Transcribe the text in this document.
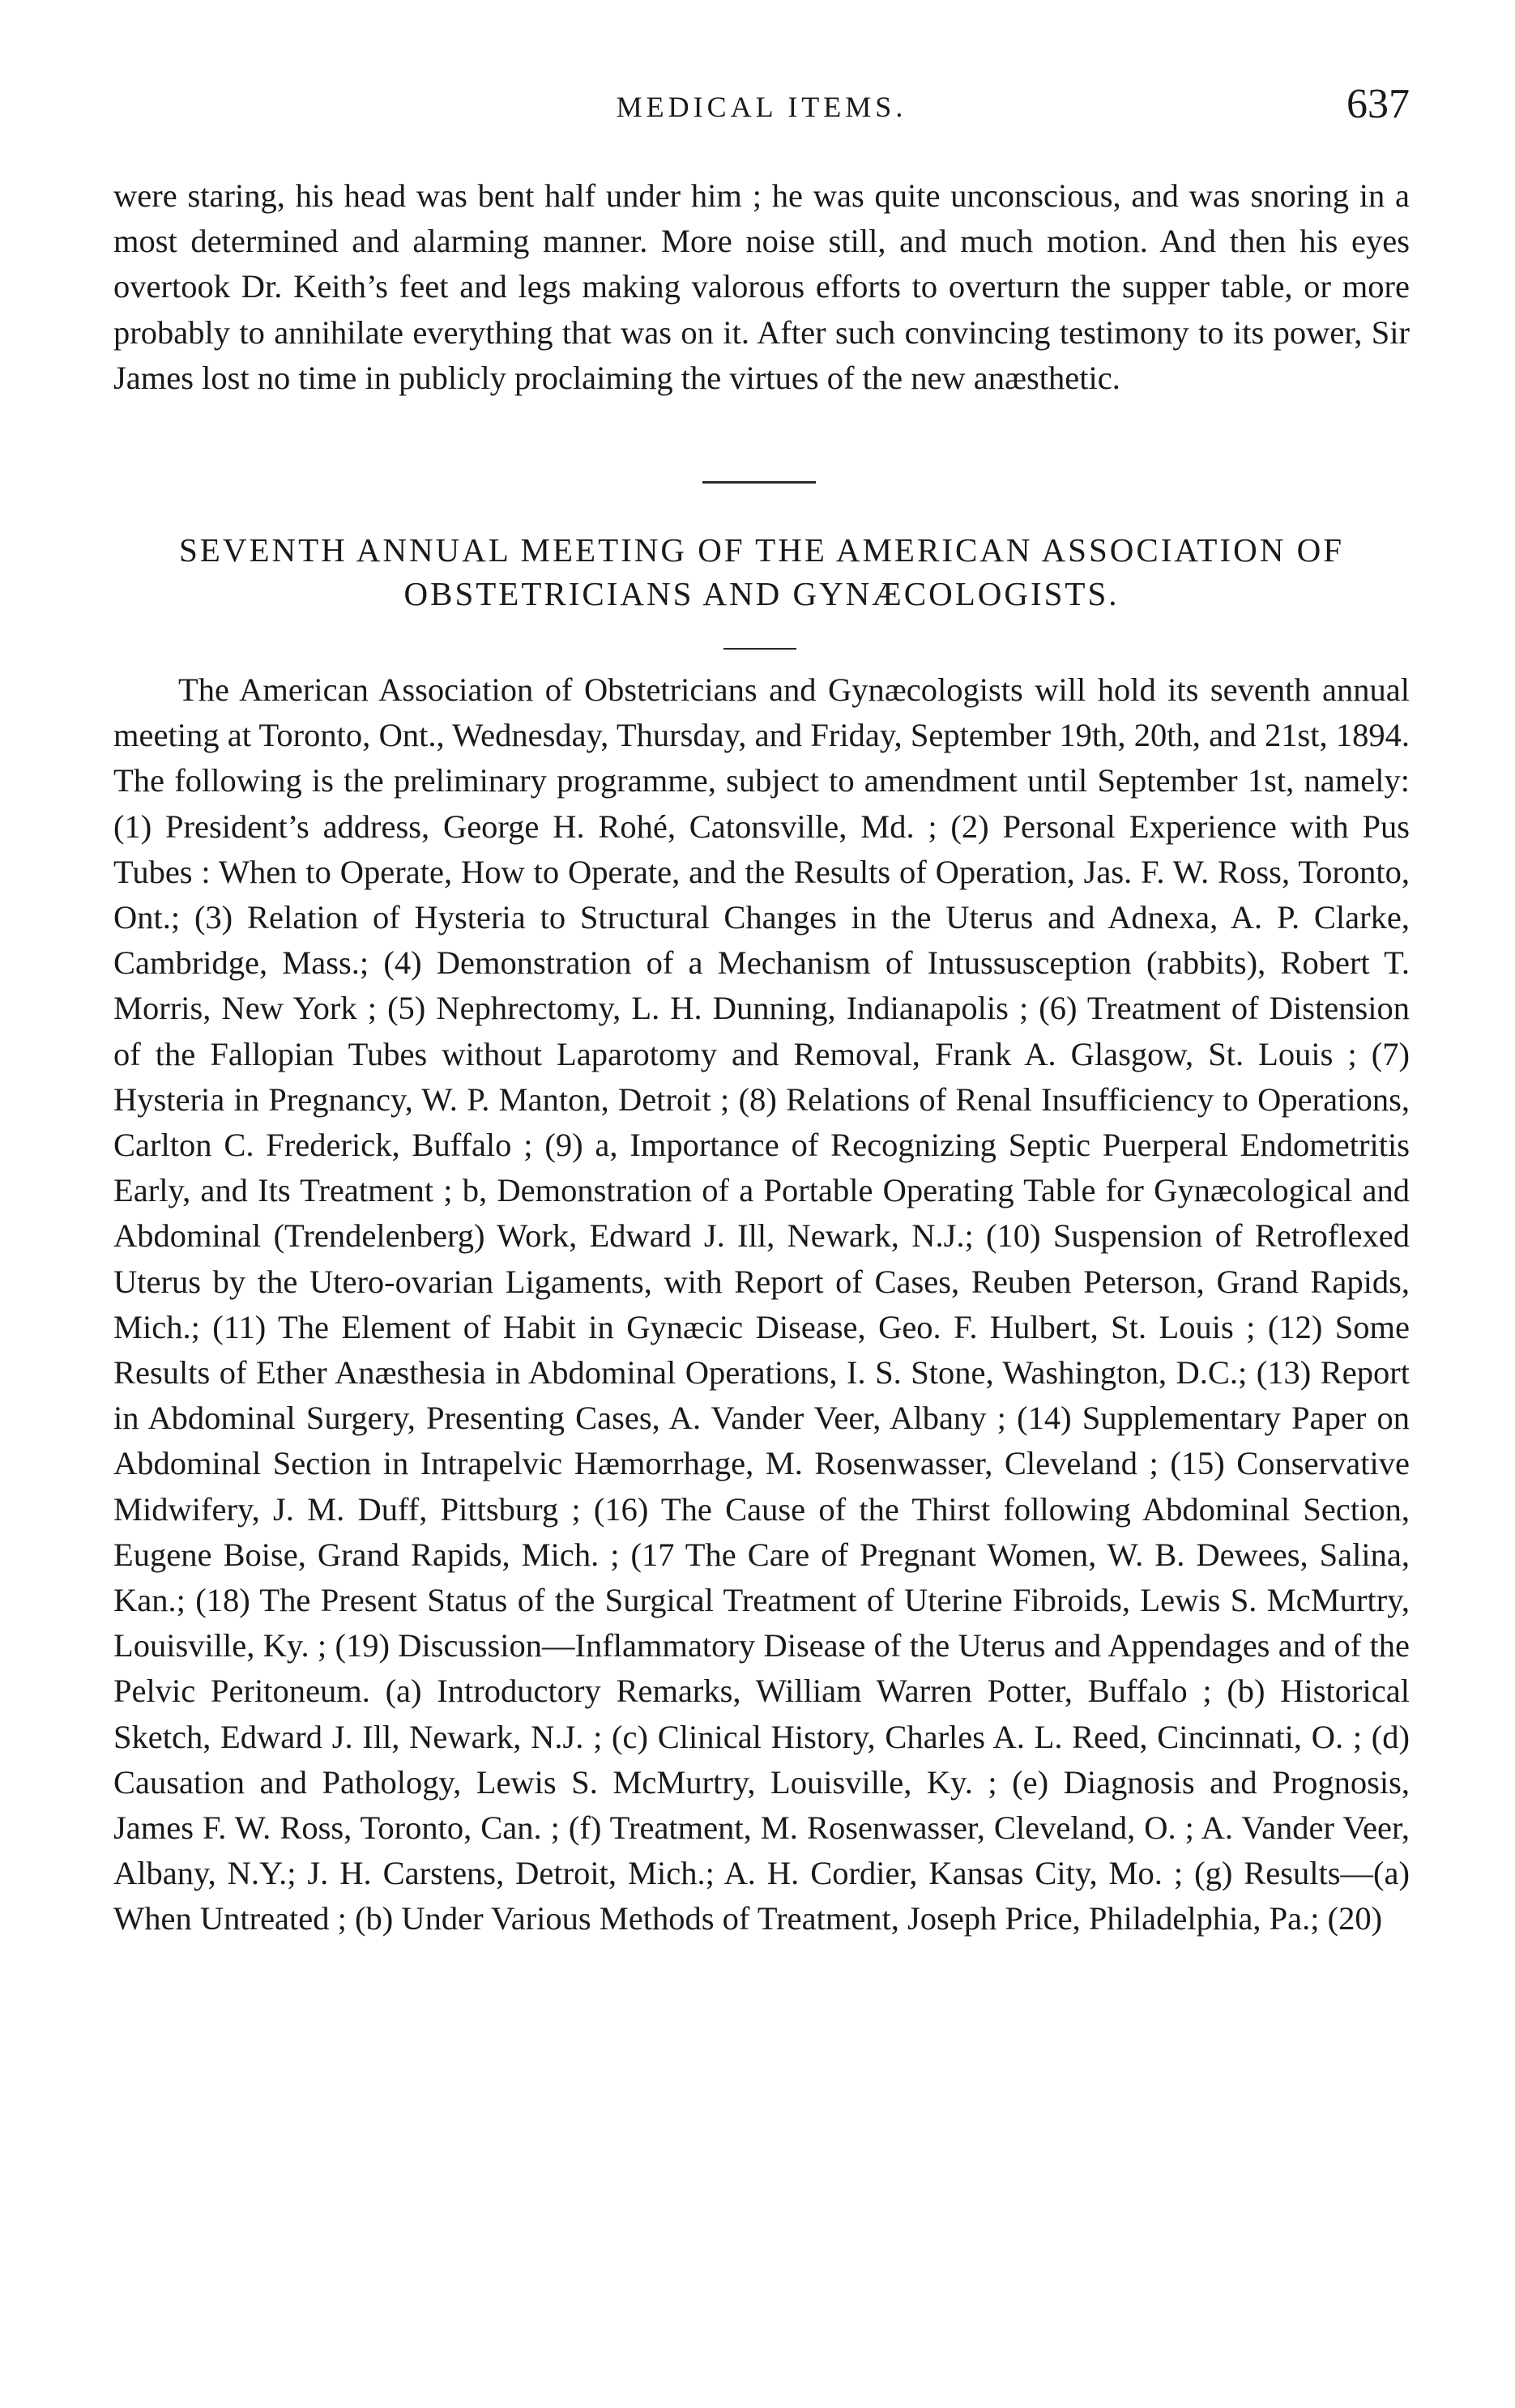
MEDICAL ITEMS.	637

were staring, his head was bent half under him ; he was quite unconscious, and was snoring in a most determined and alarming manner. More noise still, and much motion. And then his eyes overtook Dr. Keith’s feet and legs making valorous efforts to overturn the supper table, or more probably to annihilate everything that was on it. After such convincing testimony to its power, Sir James lost no time in publicly proclaiming the virtues of the new anæsthetic.

SEVENTH ANNUAL MEETING OF THE AMERICAN ASSOCIATION OF OBSTETRICIANS AND GYNÆCOLOGISTS.

The American Association of Obstetricians and Gynæcologists will hold its seventh annual meeting at Toronto, Ont., Wednesday, Thursday, and Friday, September 19th, 20th, and 21st, 1894. The following is the preliminary programme, subject to amendment until September 1st, namely: (1) President’s address, George H. Rohé, Catonsville, Md. ; (2) Personal Experience with Pus Tubes : When to Operate, How to Operate, and the Results of Operation, Jas. F. W. Ross, Toronto, Ont.; (3) Relation of Hysteria to Structural Changes in the Uterus and Adnexa, A. P. Clarke, Cambridge, Mass.; (4) Demonstration of a Mechanism of Intussusception (rabbits), Robert T. Morris, New York ; (5) Nephrectomy, L. H. Dunning, Indianapolis ; (6) Treatment of Distension of the Fallopian Tubes without Laparotomy and Removal, Frank A. Glasgow, St. Louis ; (7) Hysteria in Pregnancy, W. P. Manton, Detroit ; (8) Relations of Renal Insufficiency to Operations, Carlton C. Frederick, Buffalo ; (9) a, Importance of Recognizing Septic Puerperal Endometritis Early, and Its Treatment ; b, Demonstration of a Portable Operating Table for Gynæcological and Abdominal (Trendelenberg) Work, Edward J. Ill, Newark, N.J.; (10) Suspension of Retroflexed Uterus by the Utero-ovarian Ligaments, with Report of Cases, Reuben Peterson, Grand Rapids, Mich.; (11) The Element of Habit in Gynæcic Disease, Geo. F. Hulbert, St. Louis ; (12) Some Results of Ether Anæsthesia in Abdominal Operations, I. S. Stone, Washington, D.C.; (13) Report in Abdominal Surgery, Presenting Cases, A. Vander Veer, Albany ; (14) Supplementary Paper on Abdominal Section in Intrapelvic Hæmorrhage, M. Rosenwasser, Cleveland ; (15) Conservative Midwifery, J. M. Duff, Pittsburg ; (16) The Cause of the Thirst following Abdominal Section, Eugene Boise, Grand Rapids, Mich. ; (17 The Care of Pregnant Women, W. B. Dewees, Salina, Kan.; (18) The Present Status of the Surgical Treatment of Uterine Fibroids, Lewis S. McMurtry, Louisville, Ky. ; (19) Discussion—Inflammatory Disease of the Uterus and Appendages and of the Pelvic Peritoneum. (a) Introductory Remarks, William Warren Potter, Buffalo ; (b) Historical Sketch, Edward J. Ill, Newark, N.J. ; (c) Clinical History, Charles A. L. Reed, Cincinnati, O. ; (d) Causation and Pathology, Lewis S. McMurtry, Louisville, Ky. ; (e) Diagnosis and Prognosis, James F. W. Ross, Toronto, Can. ; (f) Treatment, M. Rosenwasser, Cleveland, O. ; A. Vander Veer, Albany, N.Y.; J. H. Carstens, Detroit, Mich.; A. H. Cordier, Kansas City, Mo. ; (g) Results—(a) When Untreated ; (b) Under Various Methods of Treatment, Joseph Price, Philadelphia, Pa.; (20)
